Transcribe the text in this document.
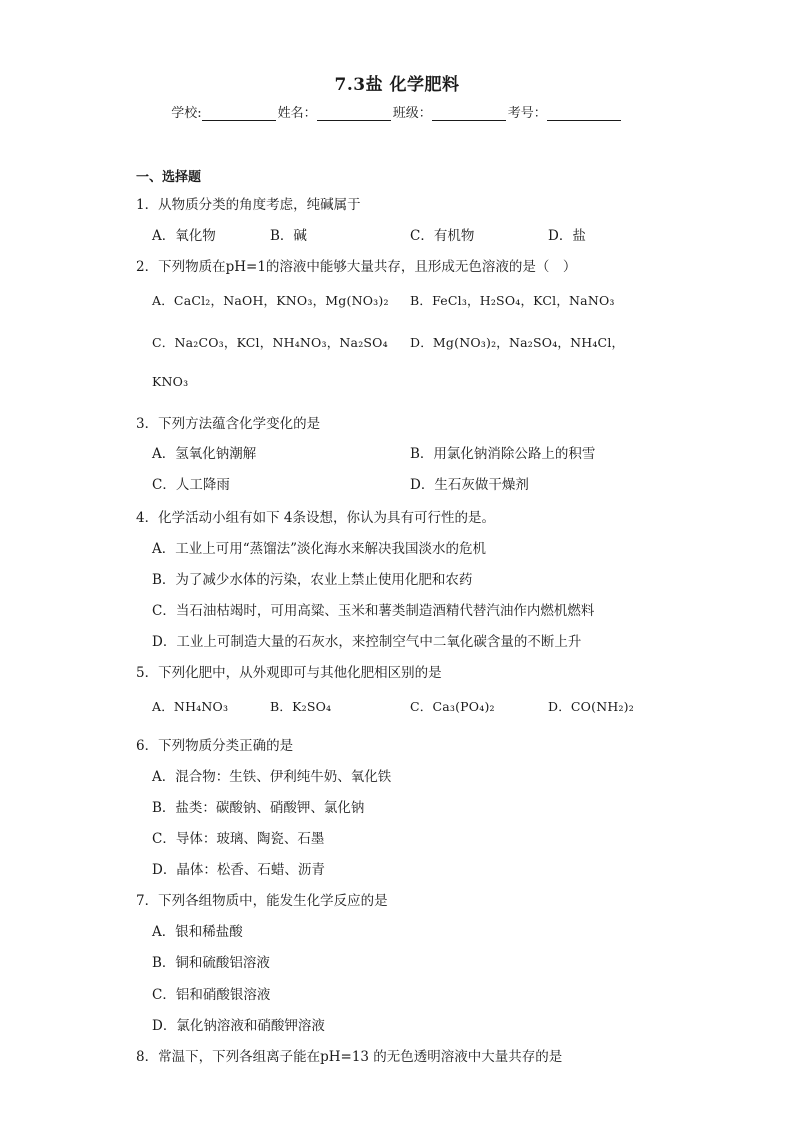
7.3盐 化学肥料
学校:	姓名：	班级：	考号：
一、选择题
1．从物质分类的角度考虑，纯碱属于
A．氧化物	B．碱	C．有机物	D．盐
2．下列物质在pH=1的溶液中能够大量共存，且形成无色溶液的是（　）
A．CaCl₂，NaOH，KNO₃，Mg(NO₃)₂ B．FeCl₃，H₂SO₄，KCl，NaNO₃
C．Na₂CO₃，KCl，NH₄NO₃，Na₂SO₄ D．Mg(NO₃)₂，Na₂SO₄，NH₄Cl，
KNO₃
3．下列方法蕴含化学变化的是
A．氢氧化钠潮解	B．用氯化钠消除公路上的积雪
C．人工降雨	D．生石灰做干燥剂
4．化学活动小组有如下 4条设想，你认为具有可行性的是。
A．工业上可用“蒸馏法”淡化海水来解决我国淡水的危机
B．为了减少水体的污染，农业上禁止使用化肥和农药
C．当石油枯竭时，可用高粱、玉米和薯类制造酒精代替汽油作内燃机燃料
D．工业上可制造大量的石灰水，来控制空气中二氧化碳含量的不断上升
5．下列化肥中，从外观即可与其他化肥相区别的是
A．NH₄NO₃	B．K₂SO₄	C．Ca₃(PO₄)₂	D．CO(NH₂)₂
6．下列物质分类正确的是
A．混合物：生铁、伊利纯牛奶、氧化铁
B．盐类：碳酸钠、硝酸钾、氯化钠
C．导体：玻璃、陶瓷、石墨
D．晶体：松香、石蜡、沥青
7．下列各组物质中，能发生化学反应的是
A．银和稀盐酸
B．铜和硫酸铝溶液
C．铝和硝酸银溶液
D．氯化钠溶液和硝酸钾溶液
8．常温下，下列各组离子能在pH=13 的无色透明溶液中大量共存的是
